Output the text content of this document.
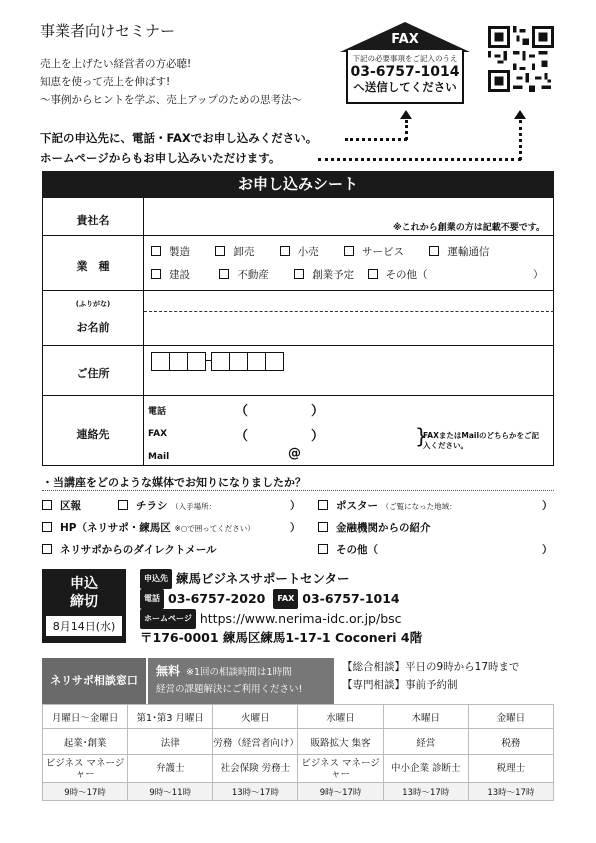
事業者向けセミナー
売上を上げたい経営者の方必聴!
知恵を使って売上を伸ばす!
～事例からヒントを学ぶ、売上アップのための思考法～
FAX
下記の必要事項をご記入のうえ
03-6757-1014
へ送信してください
下記の申込先に、電話・FAXでお申し込みください。
ホームページからもお申し込みいただけます。
お申し込みシート
貴社名
※これから創業の方は記載不要です。
業　種
製造	卸売	小売	サービス	運輸通信
建設	不動産	創業予定	その他（	）
(ふりがな)
お名前
ご住所
連絡先
電話	（	）
FAX	（	）
Mail	@
}
FAXまたはMailのどちらかをご記入ください。
・当講座をどのような媒体でお知りになりましたか？
区報	チラシ （入手場所：	）	ポスター （ご覧になった地域：	）
HP（ネリサポ・練馬区 ※○で囲ってください）	）	金融機関からの紹介
ネリサポからのダイレクトメール	その他（	）
申込
締切
8月14日(水)
申込先 練馬ビジネスサポートセンター
電話 03-6757-2020 FAX 03-6757-1014
ホームページ https://www.nerima-idc.or.jp/bsc
〒176-0001 練馬区練馬1-17-1 Coconeri 4階
ネリサポ相談窓口
無料 ※1回の相談時間は1時間
経営の課題解決にご利用ください!
【総合相談】平日の9時から17時まで
【専門相談】事前予約制
月曜日～金曜日	第1･第3 月曜日	火曜日	水曜日	木曜日	金曜日
起業･創業	法律	労務（経営者向け）	販路拡大 集客	経営	税務
ビジネス マネージャー	弁護士	社会保険 労務士	ビジネス マネージャー	中小企業 診断士	税理士
9時～17時	9時～11時	13時～17時	9時～17時	13時～17時	13時～17時
